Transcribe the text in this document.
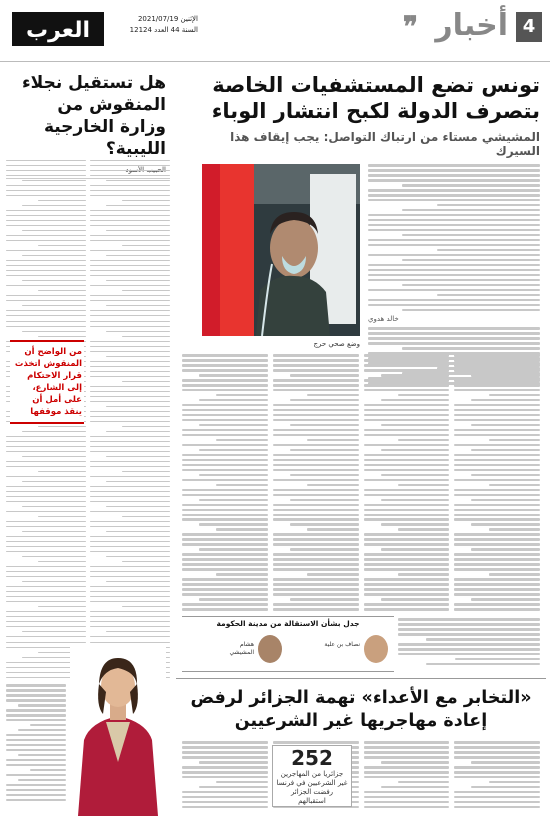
4
أخبار
❞
الإثنين 2021/07/19
السنة 44 العدد 12124
العرب
هل تستقيل نجلاء المنقوش من وزارة الخارجية الليبية؟
الحبيب الأسود
من الواضح أن المنقوش اتخذت قرار الاحتكام إلى الشارع، على أمل أن ينقذ موقفها
تونس تضع المستشفيات الخاصة بتصرف الدولة لكبح انتشار الوباء
المشيشي مستاء من ارتباك التواصل: يجب إيقاف هذا السيرك
خالد هدوي
وضع صحي حرج
جدل بشأن الاستقالة من مدينة الحكومة
نصاف بن علية
هشام المشيشي
«التخابر مع الأعداء» تهمة الجزائر لرفض إعادة مهاجريها غير الشرعيين
252
جزائريا من المهاجرين غير الشرعيين في فرنسا رفضت الجزائر استقبالهم
